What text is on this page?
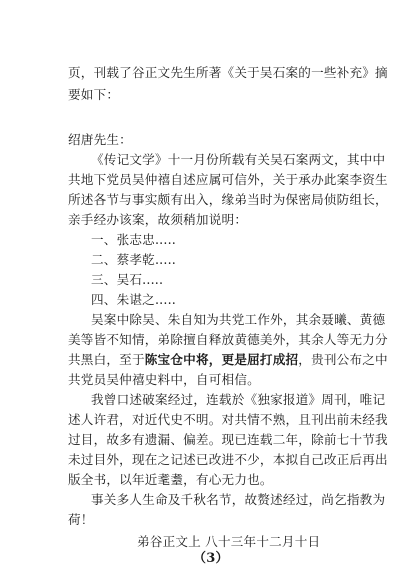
页，刊载了谷正文先生所著《关于吴石案的一些补充》摘
要如下：
绍唐先生：
《传记文学》十一月份所载有关吴石案两文，其中中
共地下党员吴仲禧自述应属可信外，关于承办此案李资生
所述各节与事实颇有出入，缘弟当时为保密局侦防组长，
亲手经办该案，故须稍加说明：
一、张志忠.....
二、蔡孝乾.....
三、吴石.....
四、朱谌之.....
吴案中除吴、朱自知为共党工作外，其余聂曦、黄德
美等皆不知情，弟除擅自释放黄德美外，其余人等无力分
共黑白，至于陈宝仓中将，更是屈打成招，贵刊公布之中
共党员吴仲禧史料中，自可相信。
我曾口述破案经过，连载於《独家报道》周刊，唯记
述人许君，对近代史不明。对共情不熟，且刊出前未经我
过目，故多有遗漏、偏差。现已连载二年，除前七十节我
未过目外，现在之记述已改进不少，本拟自己改正后再出
版全书，以年近耄耋，有心无力也。
事关多人生命及千秋名节，故赘述经过，尚乞指教为
荷！
弟谷正文上 八十三年十二月十日
（3）
